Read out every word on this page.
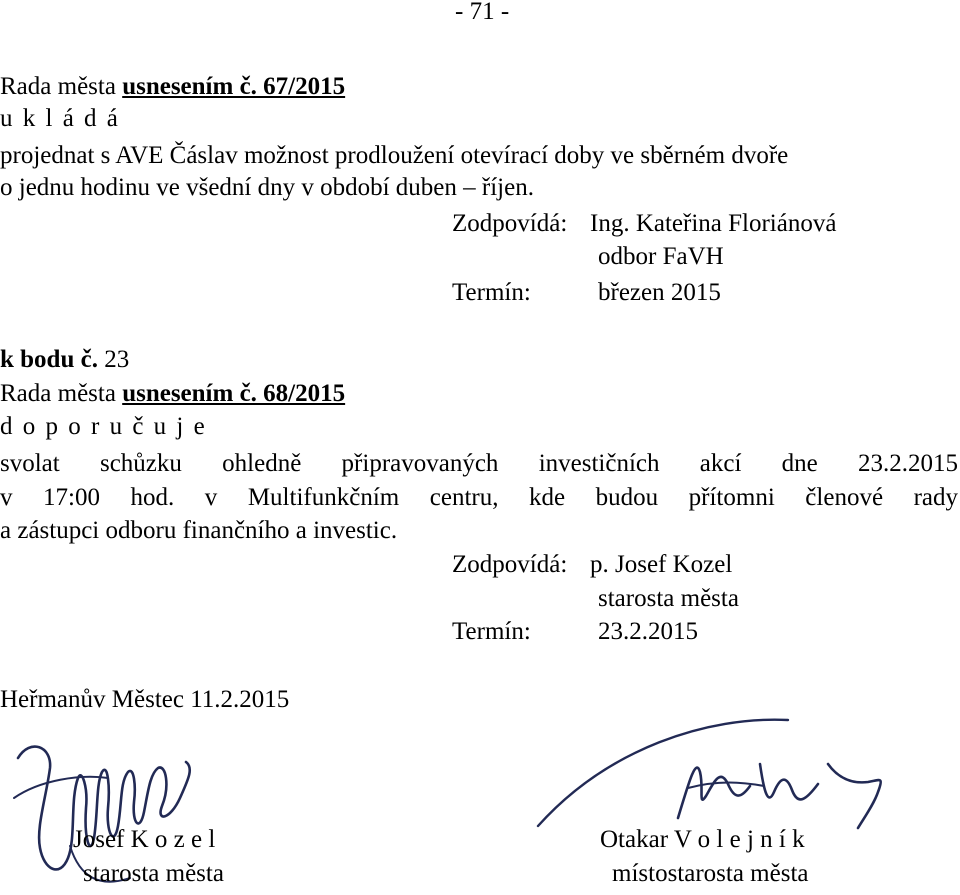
- 71 -
Rada města usnesením č. 67/2015
u k l á d á
projednat s AVE Čáslav možnost prodloužení otevírací doby ve sběrném dvoře
o jednu hodinu ve všední dny v období duben – říjen.
Zodpovídá: Ing. Kateřina Floriánová
odbor FaVH
Termín:	březen 2015
k bodu č. 23
Rada města usnesením č. 68/2015
d o p o r u č u j e
svolat schůzku ohledně připravovaných investičních akcí dne 23.2.2015
v 17:00 hod. v Multifunkčním centru, kde budou přítomni členové rady
a zástupci odboru finančního a investic.
Zodpovídá: p. Josef Kozel
starosta města
Termín:	23.2.2015
Heřmanův Městec 11.2.2015
Josef K o z e l
starosta města
Otakar V o l e j n í k
místostarosta města
